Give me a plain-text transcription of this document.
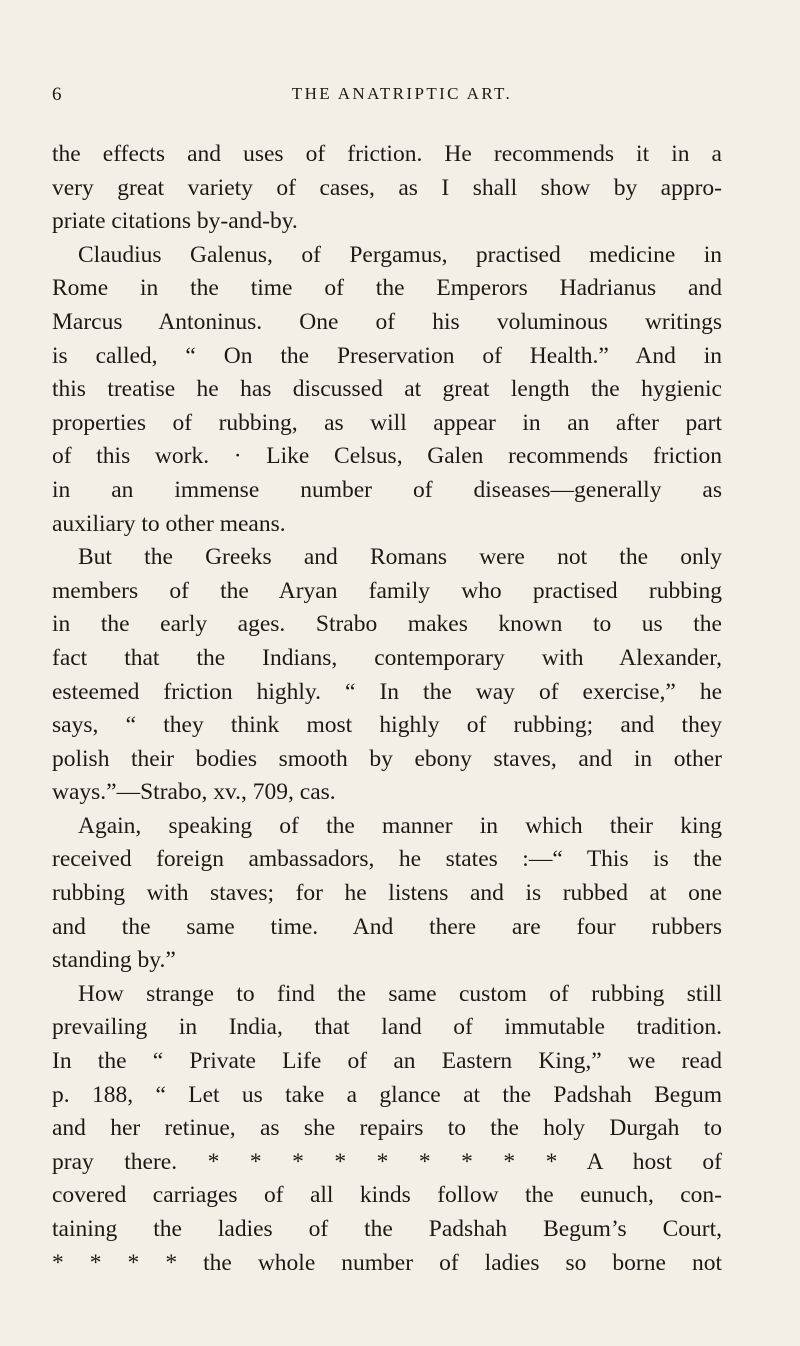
6	THE ANATRIPTIC ART.
the effects and uses of friction. He recommends it in a
very great variety of cases, as I shall show by appro-
priate citations by-and-by.
Claudius Galenus, of Pergamus, practised medicine in
Rome in the time of the Emperors Hadrianus and
Marcus Antoninus. One of his voluminous writings
is called, “ On the Preservation of Health.” And in
this treatise he has discussed at great length the hygienic
properties of rubbing, as will appear in an after part
of this work. · Like Celsus, Galen recommends friction
in an immense number of diseases—generally as
auxiliary to other means.
But the Greeks and Romans were not the only
members of the Aryan family who practised rubbing
in the early ages. Strabo makes known to us the
fact that the Indians, contemporary with Alexander,
esteemed friction highly. “ In the way of exercise,” he
says, “ they think most highly of rubbing; and they
polish their bodies smooth by ebony staves, and in other
ways.”—Strabo, xv., 709, cas.
Again, speaking of the manner in which their king
received foreign ambassadors, he states :—“ This is the
rubbing with staves; for he listens and is rubbed at one
and the same time. And there are four rubbers
standing by.”
How strange to find the same custom of rubbing still
prevailing in India, that land of immutable tradition.
In the “ Private Life of an Eastern King,” we read
p. 188, “ Let us take a glance at the Padshah Begum
and her retinue, as she repairs to the holy Durgah to
pray there. * * * * * * * * * A host of
covered carriages of all kinds follow the eunuch, con-
taining the ladies of the Padshah Begum’s Court,
* * * * the whole number of ladies so borne not
